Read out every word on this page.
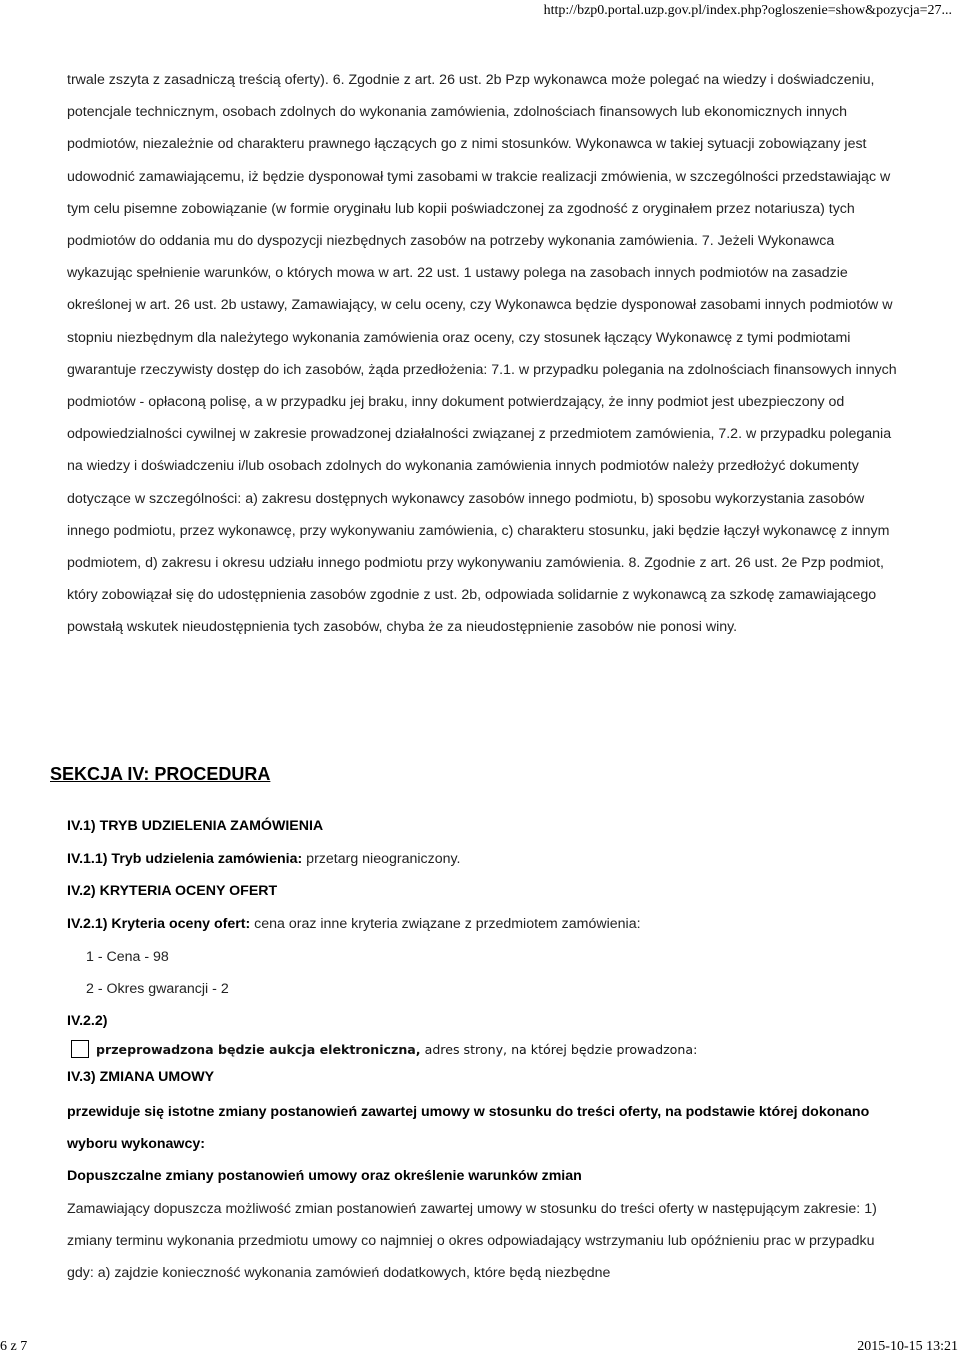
http://bzp0.portal.uzp.gov.pl/index.php?ogloszenie=show&pozycja=27...

trwale zszyta z zasadniczą treścią oferty). 6. Zgodnie z art. 26 ust. 2b Pzp wykonawca może polegać na wiedzy i doświadczeniu, potencjale technicznym, osobach zdolnych do wykonania zamówienia, zdolnościach finansowych lub ekonomicznych innych podmiotów, niezależnie od charakteru prawnego łączących go z nimi stosunków. Wykonawca w takiej sytuacji zobowiązany jest udowodnić zamawiającemu, iż będzie dysponował tymi zasobami w trakcie realizacji zmówienia, w szczególności przedstawiając w tym celu pisemne zobowiązanie (w formie oryginału lub kopii poświadczonej za zgodność z oryginałem przez notariusza) tych podmiotów do oddania mu do dyspozycji niezbędnych zasobów na potrzeby wykonania zamówienia. 7. Jeżeli Wykonawca wykazując spełnienie warunków, o których mowa w art. 22 ust. 1 ustawy polega na zasobach innych podmiotów na zasadzie określonej w art. 26 ust. 2b ustawy, Zamawiający, w celu oceny, czy Wykonawca będzie dysponował zasobami innych podmiotów w stopniu niezbędnym dla należytego wykonania zamówienia oraz oceny, czy stosunek łączący Wykonawcę z tymi podmiotami gwarantuje rzeczywisty dostęp do ich zasobów, żąda przedłożenia: 7.1. w przypadku polegania na zdolnościach finansowych innych podmiotów - opłaconą polisę, a w przypadku jej braku, inny dokument potwierdzający, że inny podmiot jest ubezpieczony od odpowiedzialności cywilnej w zakresie prowadzonej działalności związanej z przedmiotem zamówienia, 7.2. w przypadku polegania na wiedzy i doświadczeniu i/lub osobach zdolnych do wykonania zamówienia innych podmiotów należy przedłożyć dokumenty dotyczące w szczególności: a) zakresu dostępnych wykonawcy zasobów innego podmiotu, b) sposobu wykorzystania zasobów innego podmiotu, przez wykonawcę, przy wykonywaniu zamówienia, c) charakteru stosunku, jaki będzie łączył wykonawcę z innym podmiotem, d) zakresu i okresu udziału innego podmiotu przy wykonywaniu zamówienia. 8. Zgodnie z art. 26 ust. 2e Pzp podmiot, który zobowiązał się do udostępnienia zasobów zgodnie z ust. 2b, odpowiada solidarnie z wykonawcą za szkodę zamawiającego powstałą wskutek nieudostępnienia tych zasobów, chyba że za nieudostępnienie zasobów nie ponosi winy.

SEKCJA IV: PROCEDURA
IV.1) TRYB UDZIELENIA ZAMÓWIENIA
IV.1.1) Tryb udzielenia zamówienia: przetarg nieograniczony.
IV.2) KRYTERIA OCENY OFERT
IV.2.1) Kryteria oceny ofert: cena oraz inne kryteria związane z przedmiotem zamówienia:
1 - Cena - 98
2 - Okres gwarancji - 2
IV.2.2)
przeprowadzona będzie aukcja elektroniczna, adres strony, na której będzie prowadzona:
IV.3) ZMIANA UMOWY

przewiduje się istotne zmiany postanowień zawartej umowy w stosunku do treści oferty, na podstawie której dokonano wyboru wykonawcy:

Dopuszczalne zmiany postanowień umowy oraz określenie warunków zmian

Zamawiający dopuszcza możliwość zmian postanowień zawartej umowy w stosunku do treści oferty w następującym zakresie: 1) zmiany terminu wykonania przedmiotu umowy co najmniej o okres odpowiadający wstrzymaniu lub opóźnieniu prac w przypadku gdy: a) zajdzie konieczność wykonania zamówień dodatkowych, które będą niezbędne

6 z 7	2015-10-15 13:21
